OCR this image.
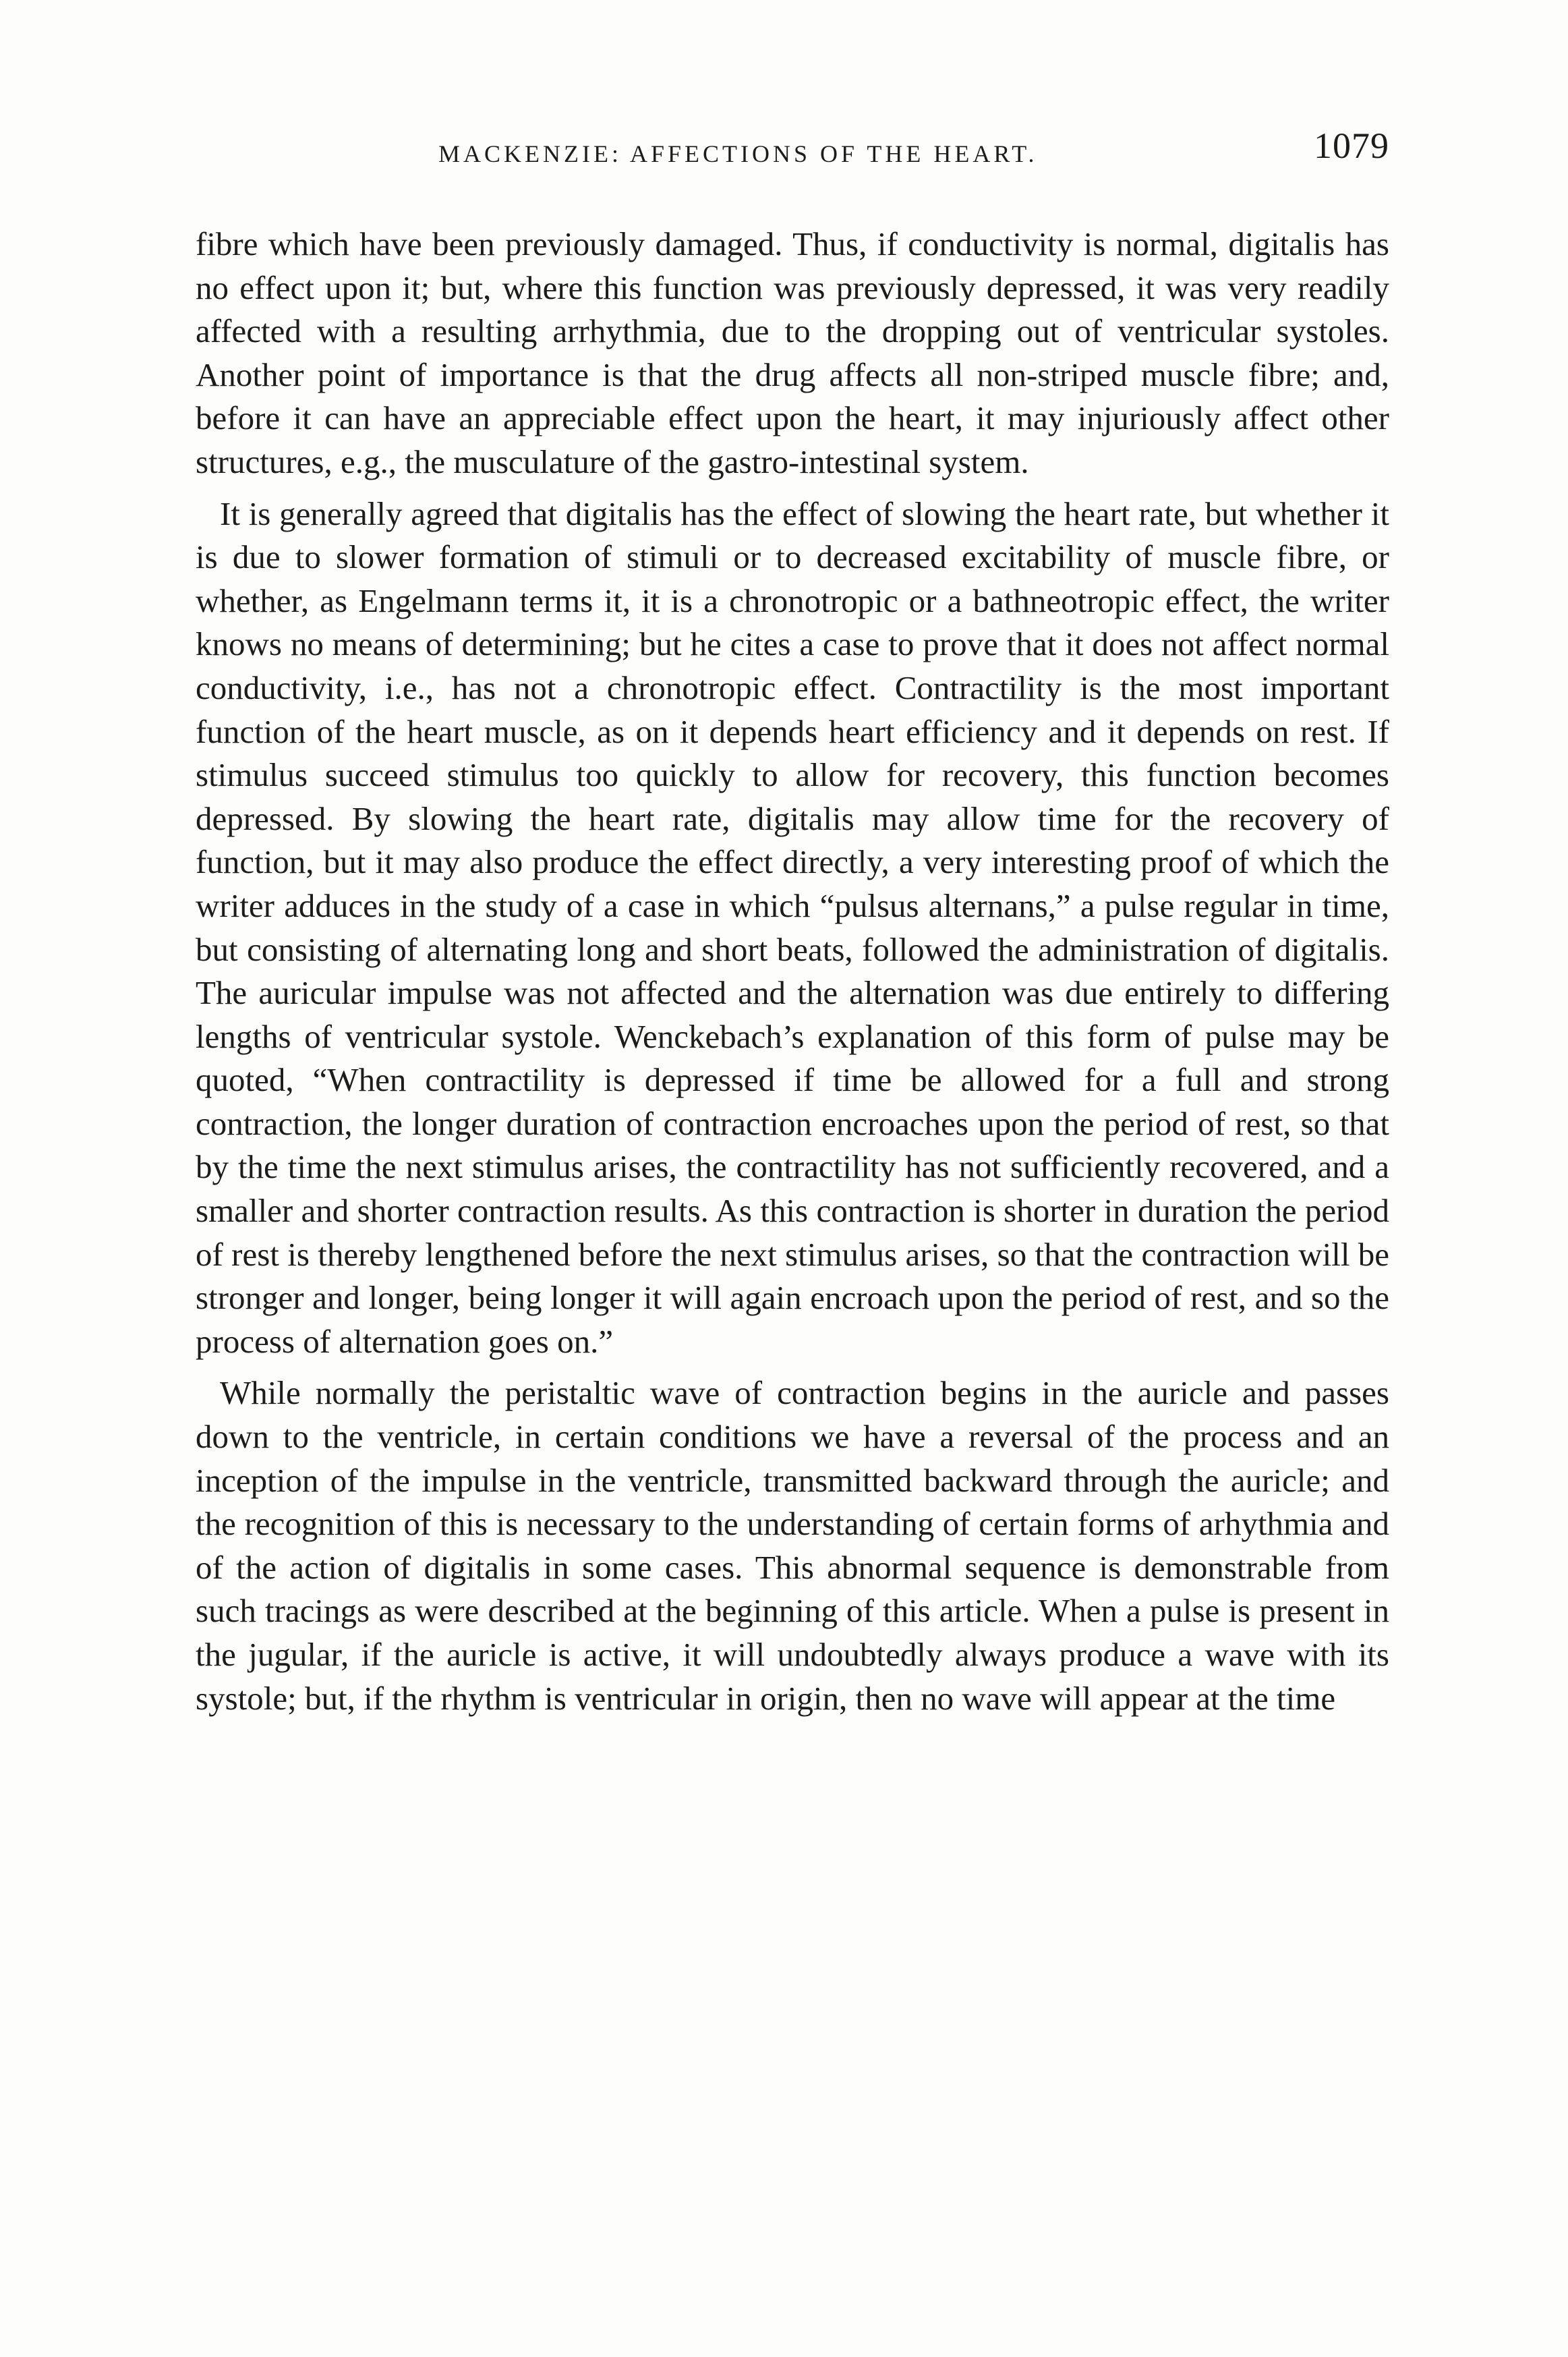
MACKENZIE: AFFECTIONS OF THE HEART.	1079

fibre which have been previously damaged. Thus, if conductivity is normal, digitalis has no effect upon it; but, where this function was previously depressed, it was very readily affected with a resulting arrhythmia, due to the dropping out of ventricular systoles. Another point of importance is that the drug affects all non-striped muscle fibre; and, before it can have an appreciable effect upon the heart, it may injuriously affect other structures, e.g., the musculature of the gastro-intestinal system.

It is generally agreed that digitalis has the effect of slowing the heart rate, but whether it is due to slower formation of stimuli or to decreased excitability of muscle fibre, or whether, as Engelmann terms it, it is a chronotropic or a bathneotropic effect, the writer knows no means of determining; but he cites a case to prove that it does not affect normal conductivity, i.e., has not a chronotropic effect. Contractility is the most important function of the heart muscle, as on it depends heart efficiency and it depends on rest. If stimulus succeed stimulus too quickly to allow for recovery, this function becomes depressed. By slowing the heart rate, digitalis may allow time for the recovery of function, but it may also produce the effect directly, a very interesting proof of which the writer adduces in the study of a case in which “pulsus alternans,” a pulse regular in time, but consisting of alternating long and short beats, followed the administration of digitalis. The auricular impulse was not affected and the alternation was due entirely to differing lengths of ventricular systole. Wenckebach’s explanation of this form of pulse may be quoted, “When contractility is depressed if time be allowed for a full and strong contraction, the longer duration of contraction encroaches upon the period of rest, so that by the time the next stimulus arises, the contractility has not sufficiently recovered, and a smaller and shorter contraction results. As this contraction is shorter in duration the period of rest is thereby lengthened before the next stimulus arises, so that the contraction will be stronger and longer, being longer it will again encroach upon the period of rest, and so the process of alternation goes on.”

While normally the peristaltic wave of contraction begins in the auricle and passes down to the ventricle, in certain conditions we have a reversal of the process and an inception of the impulse in the ventricle, transmitted backward through the auricle; and the recognition of this is necessary to the understanding of certain forms of arhythmia and of the action of digitalis in some cases. This abnormal sequence is demonstrable from such tracings as were described at the beginning of this article. When a pulse is present in the jugular, if the auricle is active, it will undoubtedly always produce a wave with its systole; but, if the rhythm is ventricular in origin, then no wave will appear at the time
